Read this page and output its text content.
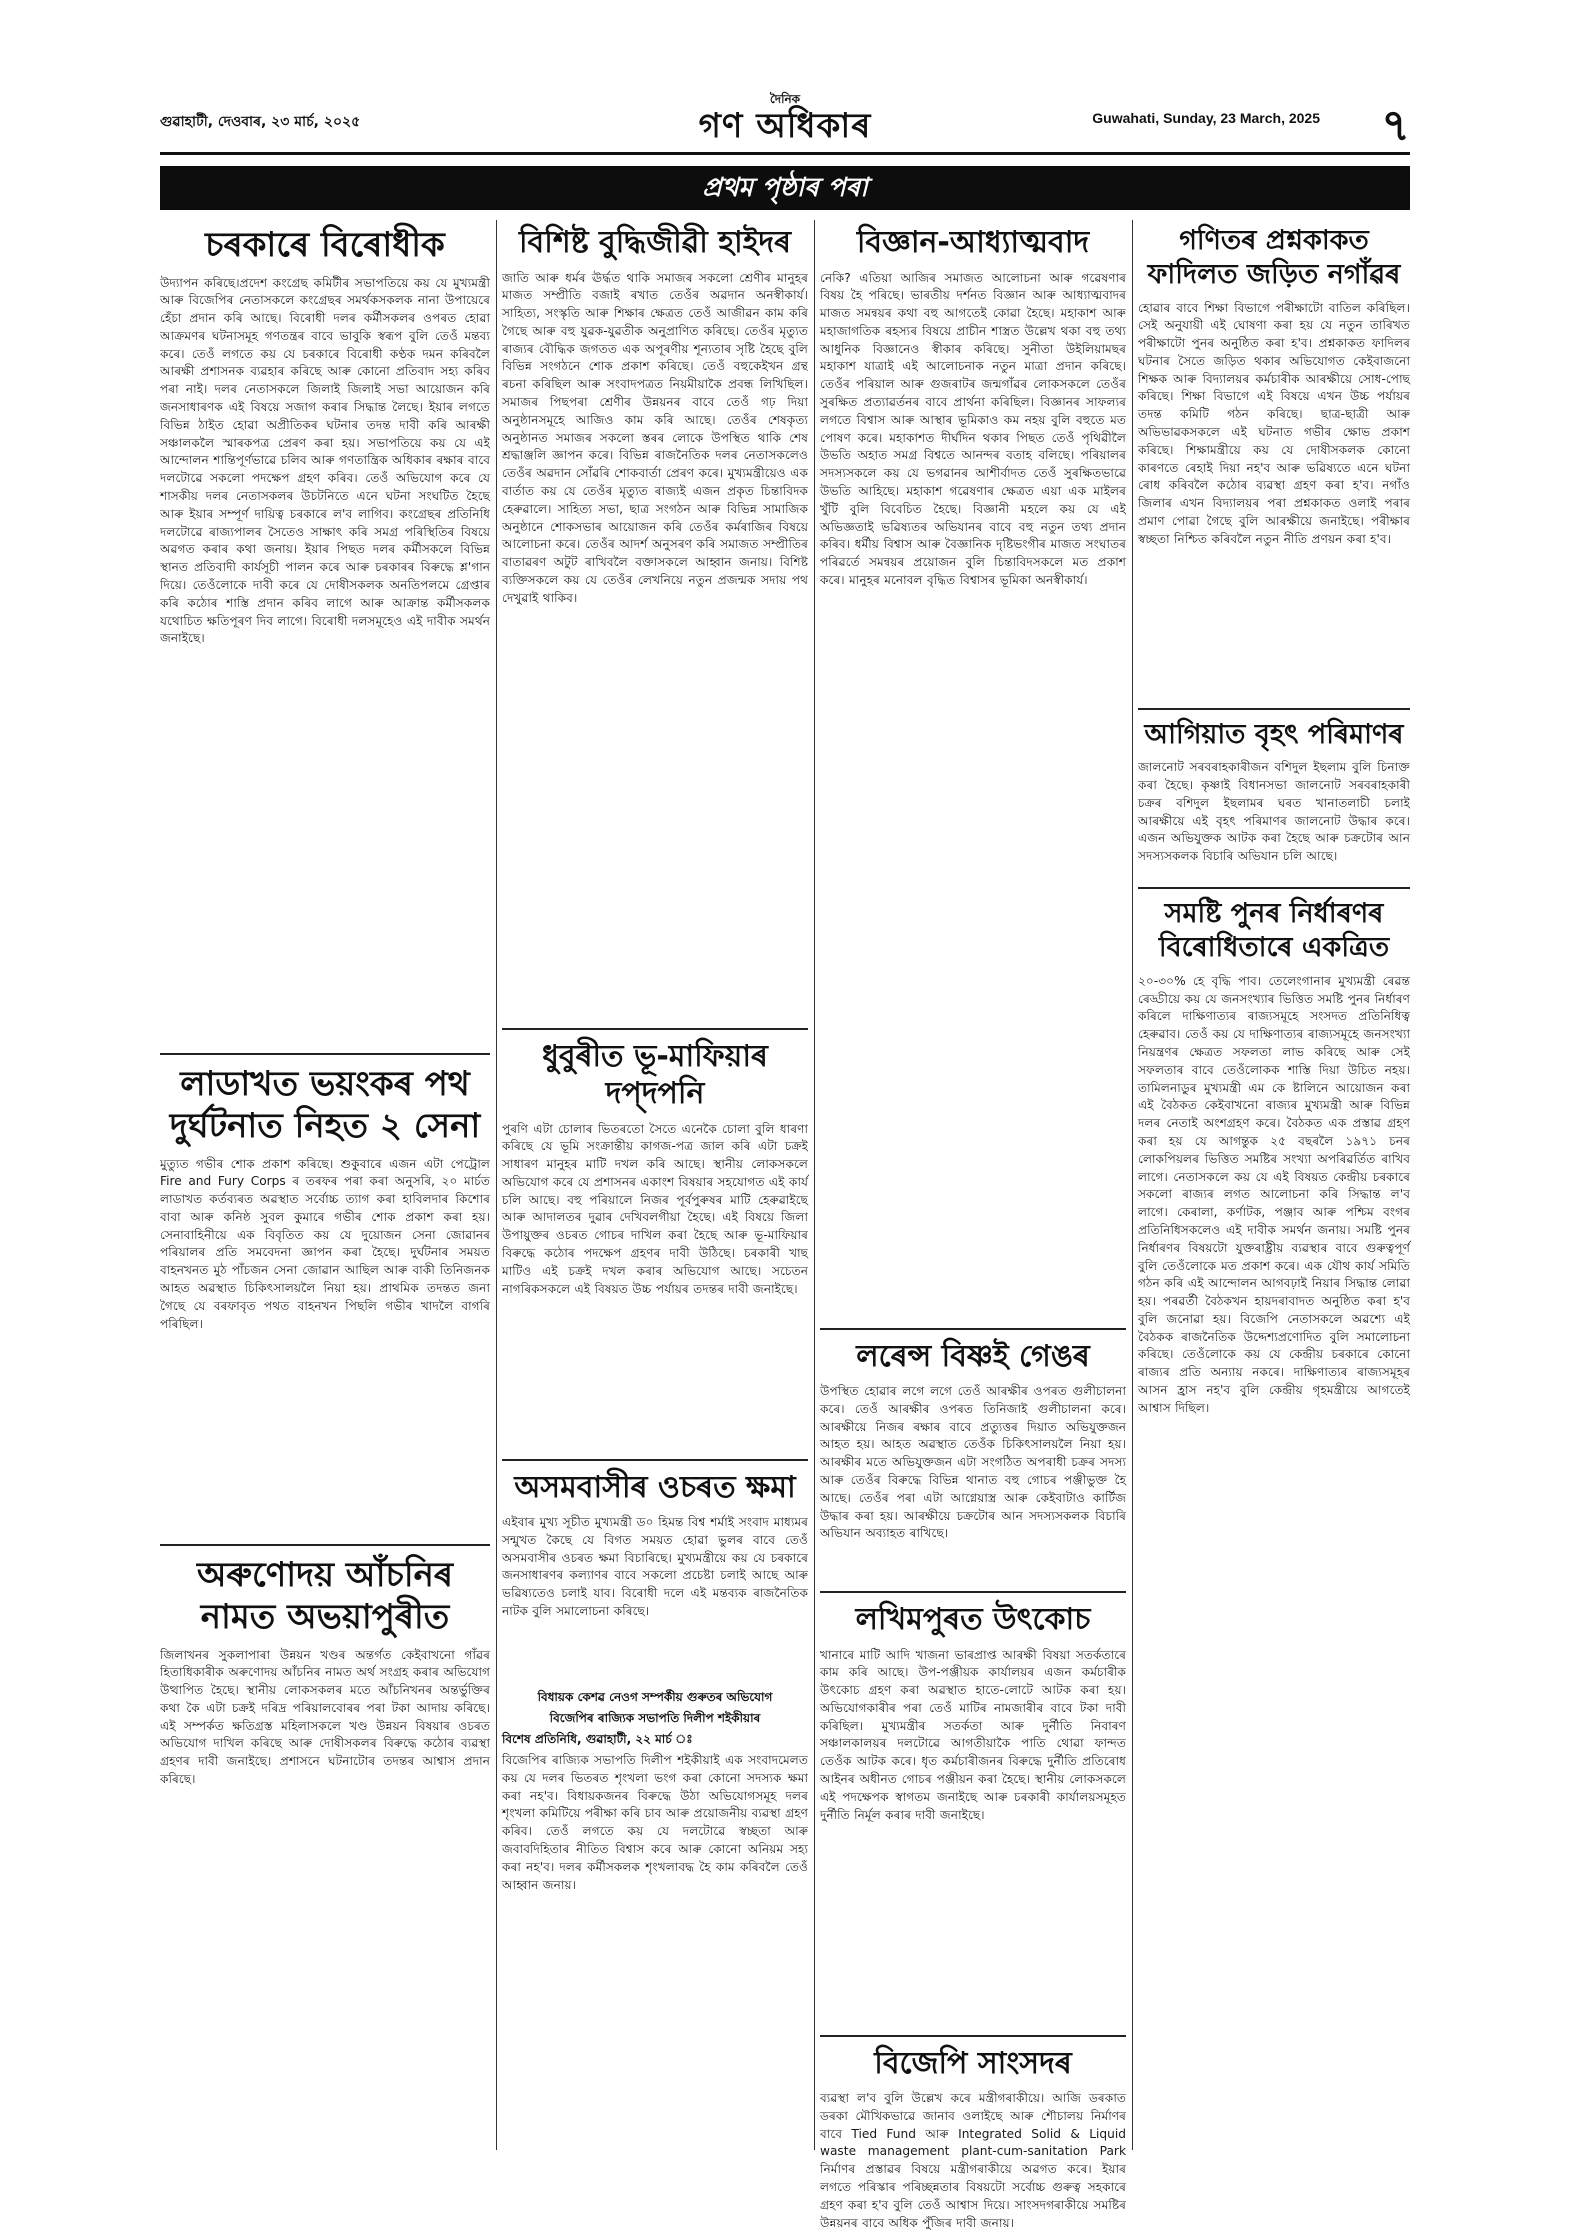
গুৱাহাটী, দেওবাৰ, ২৩ মাৰ্চ, ২০২৫
দৈনিক
গণ অধিকাৰ	Guwahati, Sunday, 23 March, 2025 ৭
প্ৰথম পৃষ্ঠাৰ পৰা
চৰকাৰে বিৰোধীক
উদ্যাপন কৰিছে।প্ৰদেশ কংগ্ৰেছ কমিটীৰ সভাপতিয়ে কয় যে মুখ্যমন্ত্ৰী আৰু বিজেপিৰ নেতাসকলে কংগ্ৰেছৰ সমৰ্থকসকলক নানা উপায়েৰে হেঁচা প্ৰদান কৰি আছে। বিৰোধী দলৰ কৰ্মীসকলৰ ওপৰত হোৱা আক্ৰমণৰ ঘটনাসমূহ গণতন্ত্ৰৰ বাবে ভাবুকি স্বৰূপ বুলি তেওঁ মন্তব্য কৰে। তেওঁ লগতে কয় যে চৰকাৰে বিৰোধী কণ্ঠক দমন কৰিবলৈ আৰক্ষী প্ৰশাসনক ব্যৱহাৰ কৰিছে আৰু কোনো প্ৰতিবাদ সহ্য কৰিব পৰা নাই। দলৰ নেতাসকলে জিলাই জিলাই সভা আয়োজন কৰি জনসাধাৰণক এই বিষয়ে সজাগ কৰাৰ সিদ্ধান্ত লৈছে। ইয়াৰ লগতে বিভিন্ন ঠাইত হোৱা অপ্ৰীতিকৰ ঘটনাৰ তদন্ত দাবী কৰি আৰক্ষী সঞ্চালকলৈ স্মাৰকপত্ৰ প্ৰেৰণ কৰা হয়। সভাপতিয়ে কয় যে এই আন্দোলন শান্তিপূৰ্ণভাৱে চলিব আৰু গণতান্ত্ৰিক অধিকাৰ ৰক্ষাৰ বাবে দলটোৱে সকলো পদক্ষেপ গ্ৰহণ কৰিব। তেওঁ অভিযোগ কৰে যে শাসকীয় দলৰ নেতাসকলৰ উচটনিতে এনে ঘটনা সংঘটিত হৈছে আৰু ইয়াৰ সম্পূৰ্ণ দায়িত্ব চৰকাৰে ল'ব লাগিব। কংগ্ৰেছৰ প্ৰতিনিধি দলটোৱে ৰাজ্যপালৰ সৈতেও সাক্ষাৎ কৰি সমগ্ৰ পৰিস্থিতিৰ বিষয়ে অৱগত কৰাৰ কথা জনায়। ইয়াৰ পিছত দলৰ কৰ্মীসকলে বিভিন্ন স্থানত প্ৰতিবাদী কাৰ্যসূচী পালন কৰে আৰু চৰকাৰৰ বিৰুদ্ধে শ্ল'গান দিয়ে। তেওঁলোকে দাবী কৰে যে দোষীসকলক অনতিপলমে গ্ৰেপ্তাৰ কৰি কঠোৰ শাস্তি প্ৰদান কৰিব লাগে আৰু আক্ৰান্ত কৰ্মীসকলক যথোচিত ক্ষতিপূৰণ দিব লাগে। বিৰোধী দলসমূহেও এই দাবীক সমৰ্থন জনাইছে।
লাডাখত ভয়ংকৰ পথ দুৰ্ঘটনাত নিহত ২ সেনা
মুত্যুত গভীৰ শোক প্ৰকাশ কৰিছে। শুকুবাৰে এজন এটা পেট্ৰোল Fire and Fury Corps ৰ তৰফৰ পৰা কৰা অনুসৰি, ২০ মাৰ্চত লাডাখত কৰ্তব্যৰত অৱস্থাত সৰ্বোচ্চ ত্যাগ কৰা হাবিলদাৰ কিশোৰ বাবা আৰু কনিষ্ঠ সুবল কুমাৰে গভীৰ শোক প্ৰকাশ কৰা হয়। সেনাবাহিনীয়ে এক বিবৃতিত কয় যে দুয়োজন সেনা জোৱানৰ পৰিয়ালৰ প্ৰতি সমবেদনা জ্ঞাপন কৰা হৈছে। দুৰ্ঘটনাৰ সময়ত বাহনখনত মুঠ পাঁচজন সেনা জোৱান আছিল আৰু বাকী তিনিজনক আহত অৱস্থাত চিকিৎসালয়লৈ নিয়া হয়। প্ৰাথমিক তদন্তত জনা গৈছে যে বৰফাবৃত পথত বাহনখন পিছলি গভীৰ খাদলৈ বাগৰি পৰিছিল।
অৰুণোদয় আঁচনিৰ নামত অভয়াপুৰীত
জিলাখনৰ সুকলাপাৰা উন্নয়ন খণ্ডৰ অন্তৰ্গত কেইবাখনো গাঁৱৰ হিতাধিকাৰীক অৰুণোদয় আঁচনিৰ নামত অৰ্থ সংগ্ৰহ কৰাৰ অভিযোগ উত্থাপিত হৈছে। স্থানীয় লোকসকলৰ মতে আঁচনিখনৰ অন্তৰ্ভুক্তিৰ কথা কৈ এটা চক্ৰই দৰিদ্ৰ পৰিয়ালবোৰৰ পৰা টকা আদায় কৰিছে। এই সম্পৰ্কত ক্ষতিগ্ৰস্ত মহিলাসকলে খণ্ড উন্নয়ন বিষয়াৰ ওচৰত অভিযোগ দাখিল কৰিছে আৰু দোষীসকলৰ বিৰুদ্ধে কঠোৰ ব্যৱস্থা গ্ৰহণৰ দাবী জনাইছে। প্ৰশাসনে ঘটনাটোৰ তদন্তৰ আশ্বাস প্ৰদান কৰিছে।
বিশিষ্ট বুদ্ধিজীৱী হাইদৰ
জাতি আৰু ধৰ্মৰ ঊৰ্দ্ধত থাকি সমাজৰ সকলো শ্ৰেণীৰ মানুহৰ মাজত সম্প্ৰীতি বজাই ৰখাত তেওঁৰ অৱদান অনস্বীকাৰ্য। সাহিত্য, সংস্কৃতি আৰু শিক্ষাৰ ক্ষেত্ৰত তেওঁ আজীৱন কাম কৰি গৈছে আৰু বহু যুৱক-যুৱতীক অনুপ্ৰাণিত কৰিছে। তেওঁৰ মৃত্যুত ৰাজ্যৰ বৌদ্ধিক জগতত এক অপূৰণীয় শূন্যতাৰ সৃষ্টি হৈছে বুলি বিভিন্ন সংগঠনে শোক প্ৰকাশ কৰিছে। তেওঁ বহুকেইখন গ্ৰন্থ ৰচনা কৰিছিল আৰু সংবাদপত্ৰত নিয়মীয়াকৈ প্ৰবন্ধ লিখিছিল। সমাজৰ পিছপৰা শ্ৰেণীৰ উন্নয়নৰ বাবে তেওঁ গঢ় দিয়া অনুষ্ঠানসমূহে আজিও কাম কৰি আছে। তেওঁৰ শেষকৃত্য অনুষ্ঠানত সমাজৰ সকলো স্তৰৰ লোকে উপস্থিত থাকি শেষ শ্ৰদ্ধাঞ্জলি জ্ঞাপন কৰে। বিভিন্ন ৰাজনৈতিক দলৰ নেতাসকলেও তেওঁৰ অৱদান সোঁৱৰি শোকবাৰ্তা প্ৰেৰণ কৰে। মুখ্যমন্ত্ৰীয়েও এক বাৰ্তাত কয় যে তেওঁৰ মৃত্যুত ৰাজ্যই এজন প্ৰকৃত চিন্তাবিদক হেৰুৱালে। সাহিত্য সভা, ছাত্ৰ সংগঠন আৰু বিভিন্ন সামাজিক অনুষ্ঠানে শোকসভাৰ আয়োজন কৰি তেওঁৰ কৰ্মৰাজিৰ বিষয়ে আলোচনা কৰে। তেওঁৰ আদৰ্শ অনুসৰণ কৰি সমাজত সম্প্ৰীতিৰ বাতাৱৰণ অটুট ৰাখিবলৈ বক্তাসকলে আহ্বান জনায়। বিশিষ্ট ব্যক্তিসকলে কয় যে তেওঁৰ লেখনিয়ে নতুন প্ৰজন্মক সদায় পথ দেখুৱাই থাকিব।
ধুবুৰীত ভূ-মাফিয়াৰ দপ্‌দপনি
পুৰণি এটা চোলাৰ ভিতৰতো সৈতে এনেকৈ চোলা বুলি ধাৰণা কৰিছে যে ভূমি সংক্ৰান্তীয় কাগজ-পত্ৰ জাল কৰি এটা চক্ৰই সাধাৰণ মানুহৰ মাটি দখল কৰি আছে। স্থানীয় লোকসকলে অভিযোগ কৰে যে প্ৰশাসনৰ একাংশ বিষয়াৰ সহযোগত এই কাৰ্য চলি আছে। বহু পৰিয়ালে নিজৰ পূৰ্বপুৰুষৰ মাটি হেৰুৱাইছে আৰু আদালতৰ দুৱাৰ দেখিবলগীয়া হৈছে। এই বিষয়ে জিলা উপায়ুক্তৰ ওচৰত গোচৰ দাখিল কৰা হৈছে আৰু ভূ-মাফিয়াৰ বিৰুদ্ধে কঠোৰ পদক্ষেপ গ্ৰহণৰ দাবী উঠিছে। চৰকাৰী খাছ মাটিও এই চক্ৰই দখল কৰাৰ অভিযোগ আছে। সচেতন নাগৰিকসকলে এই বিষয়ত উচ্চ পৰ্যায়ৰ তদন্তৰ দাবী জনাইছে।
অসমবাসীৰ ওচৰত ক্ষমা
এইবাৰ মুখ্য সূচীত মুখ্যমন্ত্ৰী ড০ হিমন্ত বিশ্ব শৰ্মাই সংবাদ মাধ্যমৰ সন্মুখত কৈছে যে বিগত সময়ত হোৱা ভুলৰ বাবে তেওঁ অসমবাসীৰ ওচৰত ক্ষমা বিচাৰিছে। মুখ্যমন্ত্ৰীয়ে কয় যে চৰকাৰে জনসাধাৰণৰ কল্যাণৰ বাবে সকলো প্ৰচেষ্টা চলাই আছে আৰু ভৱিষ্যতেও চলাই যাব। বিৰোধী দলে এই মন্তব্যক ৰাজনৈতিক নাটক বুলি সমালোচনা কৰিছে।
বিধায়ক কেশৱ নেওগ সম্পৰ্কীয় গুৰুতৰ অভিযোগ
বিজেপিৰ ৰাজ্যিক সভাপতি দিলীপ শইকীয়াৰ
বিশেষ প্ৰতিনিধি, গুৱাহাটী, ২২ মাৰ্চ ঃ
বিজেপিৰ ৰাজ্যিক সভাপতি দিলীপ শইকীয়াই এক সংবাদমেলত কয় যে দলৰ ভিতৰত শৃংখলা ভংগ কৰা কোনো সদস্যক ক্ষমা কৰা নহ'ব। বিধায়কজনৰ বিৰুদ্ধে উঠা অভিযোগসমূহ দলৰ শৃংখলা কমিটিয়ে পৰীক্ষা কৰি চাব আৰু প্ৰয়োজনীয় ব্যৱস্থা গ্ৰহণ কৰিব। তেওঁ লগতে কয় যে দলটোৱে স্বচ্ছতা আৰু জবাবদিহিতাৰ নীতিত বিশ্বাস কৰে আৰু কোনো অনিয়ম সহ্য কৰা নহ'ব। দলৰ কৰ্মীসকলক শৃংখলাবদ্ধ হৈ কাম কৰিবলৈ তেওঁ আহ্বান জনায়।
বিজ্ঞান-আধ্যাত্মবাদ
নেকি? এতিয়া আজিৰ সমাজত আলোচনা আৰু গৱেষণাৰ বিষয় হৈ পৰিছে। ভাৰতীয় দৰ্শনত বিজ্ঞান আৰু আধ্যাত্মবাদৰ মাজত সমন্বয়ৰ কথা বহু আগতেই কোৱা হৈছে। মহাকাশ আৰু মহাজাগতিক ৰহস্যৰ বিষয়ে প্ৰাচীন শাস্ত্ৰত উল্লেখ থকা বহু তথ্য আধুনিক বিজ্ঞানেও স্বীকাৰ কৰিছে। সুনীতা উইলিয়ামছৰ মহাকাশ যাত্ৰাই এই আলোচনাক নতুন মাত্ৰা প্ৰদান কৰিছে। তেওঁৰ পৰিয়াল আৰু গুজৰাটৰ জন্মগাঁৱৰ লোকসকলে তেওঁৰ সুৰক্ষিত প্ৰত্যাৱৰ্তনৰ বাবে প্ৰাৰ্থনা কৰিছিল। বিজ্ঞানৰ সাফল্যৰ লগতে বিশ্বাস আৰু আস্থাৰ ভূমিকাও কম নহয় বুলি বহুতে মত পোষণ কৰে। মহাকাশত দীৰ্ঘদিন থকাৰ পিছত তেওঁ পৃথিৱীলৈ উভতি অহাত সমগ্ৰ বিশ্বতে আনন্দৰ বতাহ বলিছে। পৰিয়ালৰ সদস্যসকলে কয় যে ভগৱানৰ আশীৰ্বাদত তেওঁ সুৰক্ষিতভাৱে উভতি আহিছে। মহাকাশ গৱেষণাৰ ক্ষেত্ৰত এয়া এক মাইলৰ খুঁটি বুলি বিবেচিত হৈছে। বিজ্ঞানী মহলে কয় যে এই অভিজ্ঞতাই ভৱিষ্যতৰ অভিযানৰ বাবে বহু নতুন তথ্য প্ৰদান কৰিব। ধৰ্মীয় বিশ্বাস আৰু বৈজ্ঞানিক দৃষ্টিভংগীৰ মাজত সংঘাতৰ পৰিৱৰ্তে সমন্বয়ৰ প্ৰয়োজন বুলি চিন্তাবিদসকলে মত প্ৰকাশ কৰে। মানুহৰ মনোবল বৃদ্ধিত বিশ্বাসৰ ভূমিকা অনস্বীকাৰ্য।
লৰেন্স বিষ্ণই গেঙৰ
উপস্থিত হোৱাৰ লগে লগে তেওঁ আৰক্ষীৰ ওপৰত গুলীচালনা কৰে। তেওঁ আৰক্ষীৰ ওপৰত তিনিজাই গুলীচালনা কৰে। আৰক্ষীয়ে নিজৰ ৰক্ষাৰ বাবে প্ৰত্যুত্তৰ দিয়াত অভিযুক্তজন আহত হয়। আহত অৱস্থাত তেওঁক চিকিৎসালয়লৈ নিয়া হয়। আৰক্ষীৰ মতে অভিযুক্তজন এটা সংগঠিত অপৰাধী চক্ৰৰ সদস্য আৰু তেওঁৰ বিৰুদ্ধে বিভিন্ন থানাত বহু গোচৰ পঞ্জীভুক্ত হৈ আছে। তেওঁৰ পৰা এটা আগ্নেয়াস্ত্ৰ আৰু কেইবাটাও কাৰ্টিজ উদ্ধাৰ কৰা হয়। আৰক্ষীয়ে চক্ৰটোৰ আন সদস্যসকলক বিচাৰি অভিযান অব্যাহত ৰাখিছে।
লখিমপুৰত উৎকোচ
খানাৰে মাটি আদি খাজনা ভাৰপ্ৰাপ্ত আৰক্ষী বিষয়া সতৰ্কতাৰে কাম কৰি আছে। উপ-পঞ্জীয়ক কাৰ্যালয়ৰ এজন কৰ্মচাৰীক উৎকোচ গ্ৰহণ কৰা অৱস্থাত হাতে-লোটে আটক কৰা হয়। অভিযোগকাৰীৰ পৰা তেওঁ মাটিৰ নামজাৰীৰ বাবে টকা দাবী কৰিছিল। মুখ্যমন্ত্ৰীৰ সতৰ্কতা আৰু দুৰ্নীতি নিবাৰণ সঞ্চালকালয়ৰ দলটোৱে আগতীয়াকৈ পাতি থোৱা ফান্দত তেওঁক আটক কৰে। ধৃত কৰ্মচাৰীজনৰ বিৰুদ্ধে দুৰ্নীতি প্ৰতিৰোধ আইনৰ অধীনত গোচৰ পঞ্জীয়ন কৰা হৈছে। স্থানীয় লোকসকলে এই পদক্ষেপক স্বাগতম জনাইছে আৰু চৰকাৰী কাৰ্যালয়সমূহত দুৰ্নীতি নিৰ্মূল কৰাৰ দাবী জনাইছে।
বিজেপি সাংসদৰ
ব্যৱস্থা ল'ব বুলি উল্লেখ কৰে মন্ত্ৰীগৰাকীয়ে। আজি ডৰকাত ডৰকা মৌখিকভাৱে জানাব ওলাইছে আৰু শৌচালয় নিৰ্মাণৰ বাবে Tied Fund আৰু Integrated Solid & Liquid waste management plant-cum-sanitation Park নিৰ্মাণৰ প্ৰস্তাৱৰ বিষয়ে মন্ত্ৰীগৰাকীয়ে অৱগত কৰে। ইয়াৰ লগতে পৰিস্কাৰ পৰিচ্ছন্নতাৰ বিষয়টো সৰ্বোচ্চ গুৰুত্ব সহকাৰে গ্ৰহণ কৰা হ'ব বুলি তেওঁ আশ্বাস দিয়ে। সাংসদগৰাকীয়ে সমষ্টিৰ উন্নয়নৰ বাবে অধিক পুঁজিৰ দাবী জনায়।
গণিতৰ প্ৰশ্নকাকত ফাদিলত জড়িত নগাঁৱৰ
হোৱাৰ বাবে শিক্ষা বিভাগে পৰীক্ষাটো বাতিল কৰিছিল। সেই অনুযায়ী এই ঘোষণা কৰা হয় যে নতুন তাৰিখত পৰীক্ষাটো পুনৰ অনুষ্ঠিত কৰা হ'ব। প্ৰশ্নকাকত ফাদিলৰ ঘটনাৰ সৈতে জড়িত থকাৰ অভিযোগত কেইবাজনো শিক্ষক আৰু বিদ্যালয়ৰ কৰ্মচাৰীক আৰক্ষীয়ে সোধ-পোছ কৰিছে। শিক্ষা বিভাগে এই বিষয়ে এখন উচ্চ পৰ্যায়ৰ তদন্ত কমিটি গঠন কৰিছে। ছাত্ৰ-ছাত্ৰী আৰু অভিভাৱকসকলে এই ঘটনাত গভীৰ ক্ষোভ প্ৰকাশ কৰিছে। শিক্ষামন্ত্ৰীয়ে কয় যে দোষীসকলক কোনো কাৰণতে ৰেহাই দিয়া নহ'ব আৰু ভৱিষ্যতে এনে ঘটনা ৰোধ কৰিবলৈ কঠোৰ ব্যৱস্থা গ্ৰহণ কৰা হ'ব। নগাঁও জিলাৰ এখন বিদ্যালয়ৰ পৰা প্ৰশ্নকাকত ওলাই পৰাৰ প্ৰমাণ পোৱা গৈছে বুলি আৰক্ষীয়ে জনাইছে। পৰীক্ষাৰ স্বচ্ছতা নিশ্চিত কৰিবলৈ নতুন নীতি প্ৰণয়ন কৰা হ'ব।
আগিয়াত বৃহৎ পৰিমাণৰ
জালনোট সৰবৰাহকাৰীজন বশিদুল ইছলাম বুলি চিনাক্ত কৰা হৈছে। কৃষ্ণাই বিধানসভা জালনোট সৰবৰাহকাৰী চক্ৰৰ বশিদুল ইছলামৰ ঘৰত খানাতলাচী চলাই আৰক্ষীয়ে এই বৃহৎ পৰিমাণৰ জালনোট উদ্ধাৰ কৰে। এজন অভিযুক্তক আটক কৰা হৈছে আৰু চক্ৰটোৰ আন সদস্যসকলক বিচাৰি অভিযান চলি আছে।
সমষ্টি পুনৰ নিৰ্ধাৰণৰ বিৰোধিতাৰে একত্ৰিত
২০-৩০% হে বৃদ্ধি পাব। তেলেংগানাৰ মুখ্যমন্ত্ৰী ৰেৱন্ত ৰেড্ডীয়ে কয় যে জনসংখ্যাৰ ভিত্তিত সমষ্টি পুনৰ নিৰ্ধাৰণ কৰিলে দাক্ষিণাত্যৰ ৰাজ্যসমূহে সংসদত প্ৰতিনিধিত্ব হেৰুৱাব। তেওঁ কয় যে দাক্ষিণাত্যৰ ৰাজ্যসমূহে জনসংখ্যা নিয়ন্ত্ৰণৰ ক্ষেত্ৰত সফলতা লাভ কৰিছে আৰু সেই সফলতাৰ বাবে তেওঁলোকক শাস্তি দিয়া উচিত নহয়। তামিলনাডুৰ মুখ্যমন্ত্ৰী এম কে ষ্টালিনে আয়োজন কৰা এই বৈঠকত কেইবাখনো ৰাজ্যৰ মুখ্যমন্ত্ৰী আৰু বিভিন্ন দলৰ নেতাই অংশগ্ৰহণ কৰে। বৈঠকত এক প্ৰস্তাৱ গ্ৰহণ কৰা হয় যে আগন্তুক ২৫ বছৰলৈ ১৯৭১ চনৰ লোকপিয়লৰ ভিত্তিত সমষ্টিৰ সংখ্যা অপৰিৱৰ্তিত ৰাখিব লাগে। নেতাসকলে কয় যে এই বিষয়ত কেন্দ্ৰীয় চৰকাৰে সকলো ৰাজ্যৰ লগত আলোচনা কৰি সিদ্ধান্ত ল'ব লাগে। কেৰালা, কৰ্ণাটক, পঞ্জাব আৰু পশ্চিম বংগৰ প্ৰতিনিধিসকলেও এই দাবীক সমৰ্থন জনায়। সমষ্টি পুনৰ নিৰ্ধাৰণৰ বিষয়টো যুক্তৰাষ্ট্ৰীয় ব্যৱস্থাৰ বাবে গুৰুত্বপূৰ্ণ বুলি তেওঁলোকে মত প্ৰকাশ কৰে। এক যৌথ কাৰ্য সমিতি গঠন কৰি এই আন্দোলন আগবঢ়াই নিয়াৰ সিদ্ধান্ত লোৱা হয়। পৰৱৰ্তী বৈঠকখন হায়দৰাবাদত অনুষ্ঠিত কৰা হ'ব বুলি জনোৱা হয়। বিজেপি নেতাসকলে অৱশ্যে এই বৈঠকক ৰাজনৈতিক উদ্দেশ্যপ্ৰণোদিত বুলি সমালোচনা কৰিছে। তেওঁলোকে কয় যে কেন্দ্ৰীয় চৰকাৰে কোনো ৰাজ্যৰ প্ৰতি অন্যায় নকৰে। দাক্ষিণাত্যৰ ৰাজ্যসমূহৰ আসন হ্ৰাস নহ'ব বুলি কেন্দ্ৰীয় গৃহমন্ত্ৰীয়ে আগতেই আশ্বাস দিছিল।
